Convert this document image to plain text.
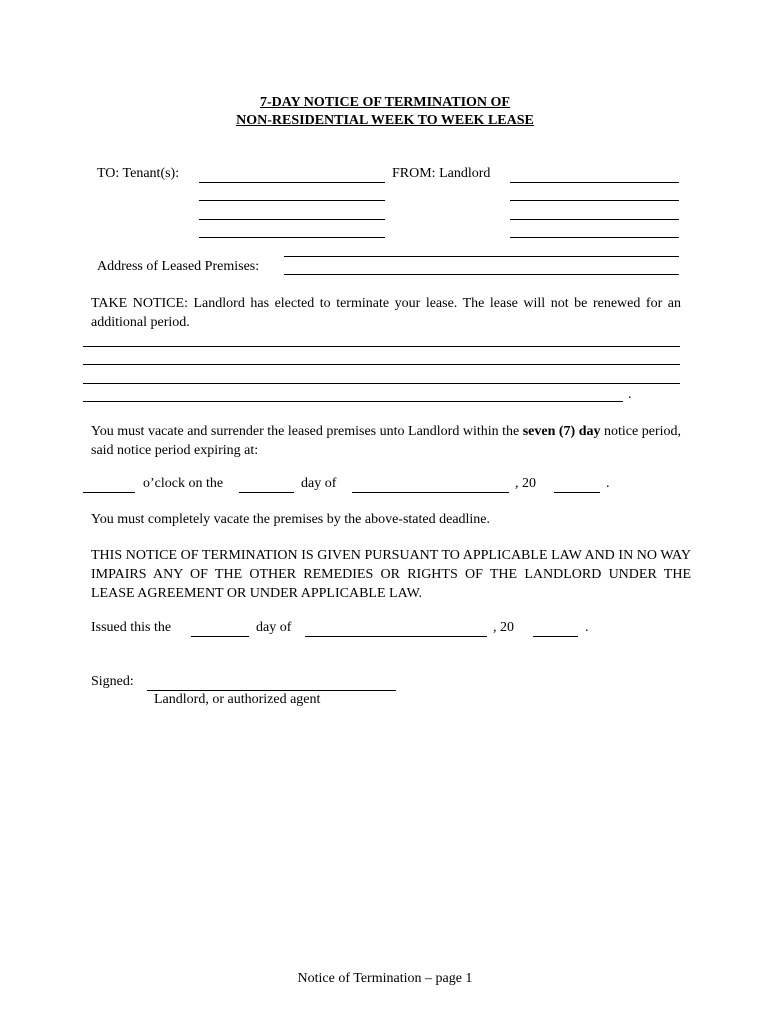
7-DAY NOTICE OF TERMINATION OF
NON-RESIDENTIAL WEEK TO WEEK LEASE
TO: Tenant(s):	FROM: Landlord
Address of Leased Premises:
TAKE NOTICE: Landlord has elected to terminate your lease. The lease will not be renewed for an additional period.
.
You must vacate and surrender the leased premises unto Landlord within the seven (7) day notice period, said notice period expiring at:
o’clock on the	day of	, 20	.
You must completely vacate the premises by the above-stated deadline.
THIS NOTICE OF TERMINATION IS GIVEN PURSUANT TO APPLICABLE LAW AND IN NO WAY IMPAIRS ANY OF THE OTHER REMEDIES OR RIGHTS OF THE LANDLORD UNDER THE LEASE AGREEMENT OR UNDER APPLICABLE LAW.
Issued this the	day of	, 20	.
Signed:
Landlord, or authorized agent
Notice of Termination – page 1
